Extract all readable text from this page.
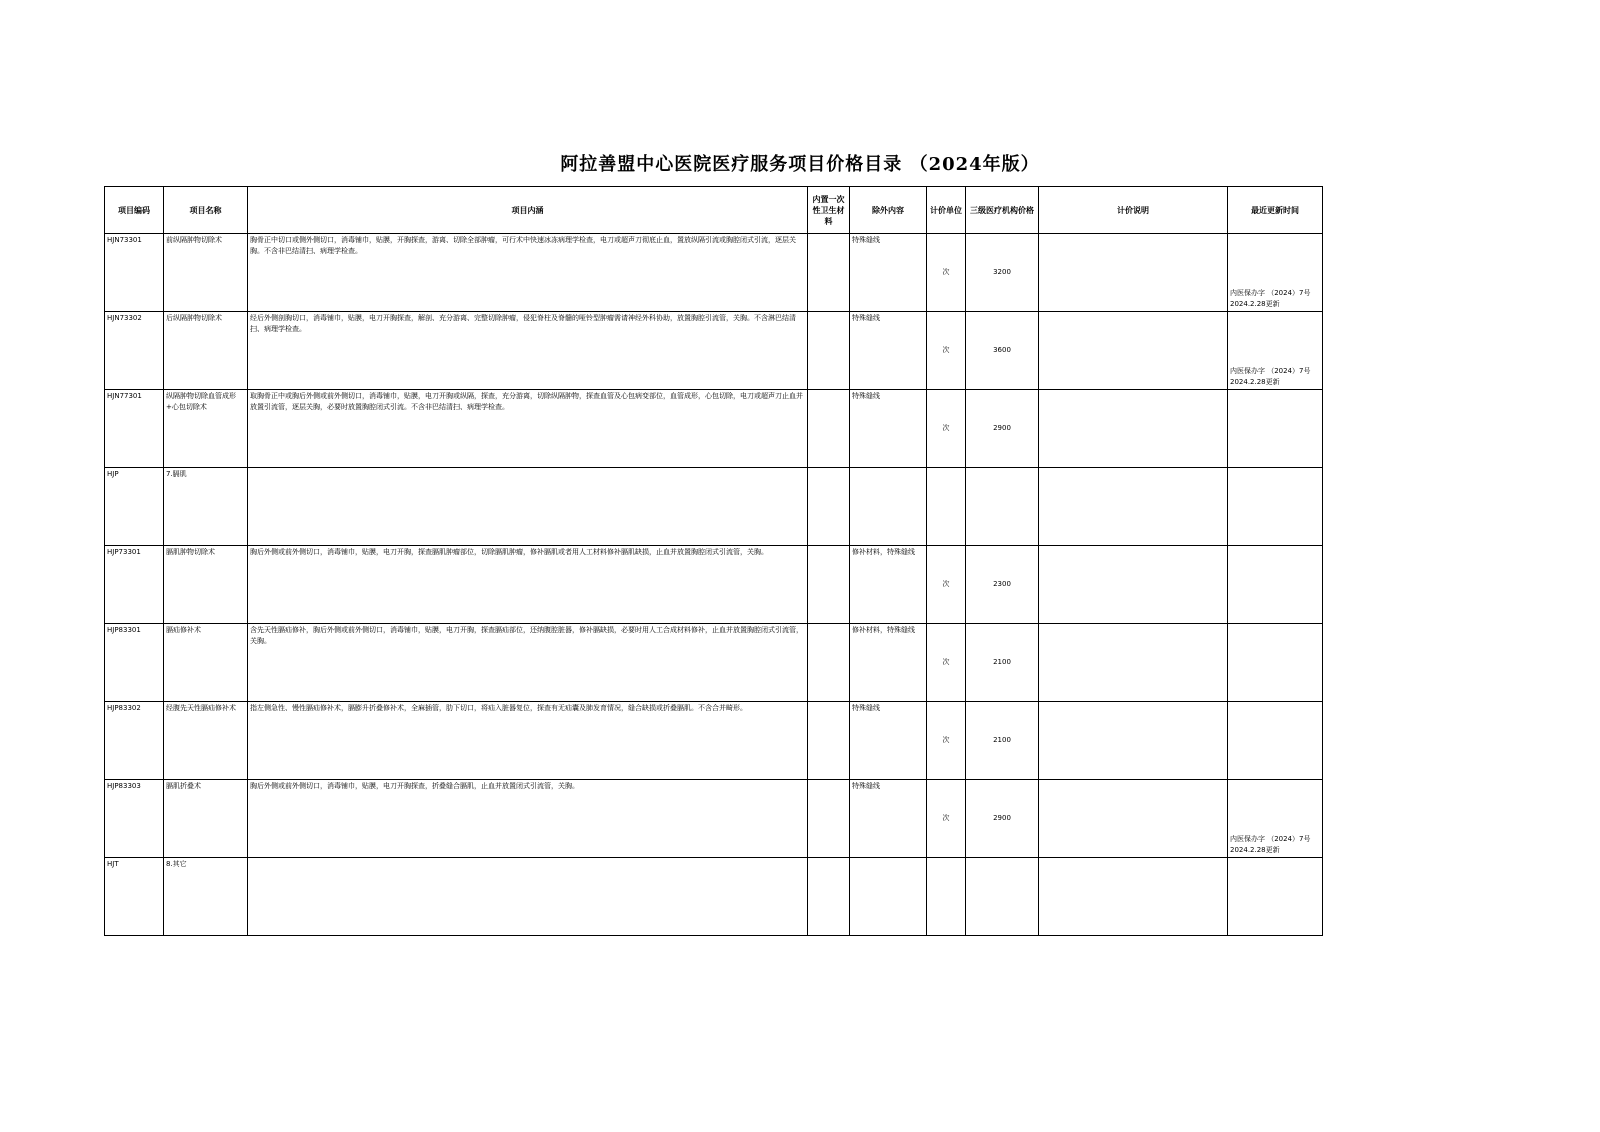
阿拉善盟中心医院医疗服务项目价格目录 （2024年版）
项目编码	项目名称	项目内涵	内置一次性卫生材料	除外内容	计价单位	三级医疗机构价格	计价说明	最近更新时间
HJN73301	前纵隔肿物切除术	胸骨正中切口或侧外侧切口，消毒铺巾，贴膜，开胸探查，游离、切除全部肿瘤，可行术中快速冰冻病理学检查，电刀或超声刀彻底止血，置放纵隔引流或胸腔闭式引流，逐层关胸。不含非巴结清扫、病理学检查。		特殊缝线	次	3200		内医保办字 （2024）7号 2024.2.28更新
HJN73302	后纵隔肿物切除术	经后外侧剖胸切口，消毒铺巾，贴膜，电刀开胸探查，解剖、充分游离、完整切除肿瘤，侵犯脊柱及脊髓的哑铃型肿瘤需请神经外科协助，放置胸腔引流管，关胸。不含淋巴结清扫、病理学检查。		特殊缝线	次	3600		内医保办字 （2024）7号 2024.2.28更新
HJN77301	纵隔肿物切除血管成形+心包切除术	取胸骨正中或胸后外侧或前外侧切口，消毒铺巾，贴膜，电刀开胸或纵隔，探查，充分游离，切除纵隔肿物，探查血管及心包病变部位，血管成形，心包切除，电刀或超声刀止血并放置引流管，逐层关胸，必要时放置胸腔闭式引流。不含非巴结清扫、病理学检查。		特殊缝线	次	2900		
HJP	7.膈肌							
HJP73301	膈肌肿物切除术	胸后外侧或前外侧切口，消毒铺巾，贴膜，电刀开胸，探查膈肌肿瘤部位，切除膈肌肿瘤，修补膈肌或者用人工材料修补膈肌缺损，止血并放置胸腔闭式引流管，关胸。		修补材料，特殊缝线	次	2300		
HJP83301	膈疝修补术	含先天性膈疝修补，胸后外侧或前外侧切口，消毒铺巾，贴膜，电刀开胸，探查膈疝部位，还纳腹腔脏器，修补膈缺损，必要时用人工合成材料修补，止血并放置胸腔闭式引流管，关胸。		修补材料，特殊缝线	次	2100		
HJP83302	经腹先天性膈疝修补术	指左侧急性、慢性膈疝修补术，膈膨升折叠修补术，全麻插管，肋下切口，将疝入脏器复位，探查有无疝囊及肺发育情况，缝合缺损或折叠膈肌。不含合并畸形。		特殊缝线	次	2100		
HJP83303	膈肌折叠术	胸后外侧或前外侧切口，消毒铺巾，贴膜，电刀开胸探查，折叠缝合膈肌，止血并放置闭式引流管，关胸。		特殊缝线	次	2900		内医保办字 （2024）7号 2024.2.28更新
HJT	8.其它							
